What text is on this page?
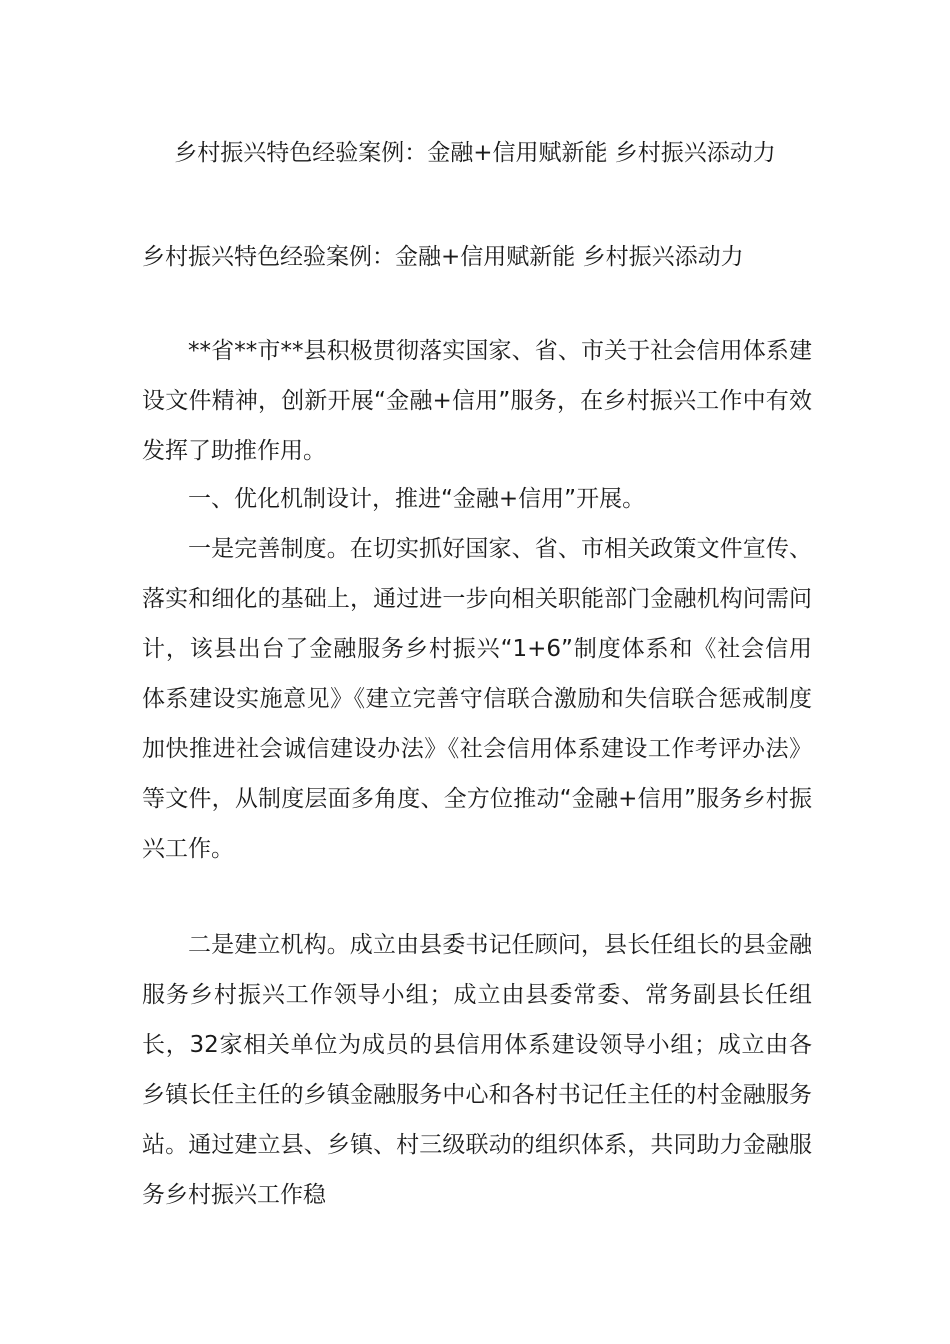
乡村振兴特色经验案例：金融+信用赋新能 乡村振兴添动力

乡村振兴特色经验案例：金融+信用赋新能 乡村振兴添动力

**省**市**县积极贯彻落实国家、省、市关于社会信用体系建设文件精神，创新开展“金融+信用”服务，在乡村振兴工作中有效发挥了助推作用。

一、优化机制设计，推进“金融+信用”开展。

一是完善制度。在切实抓好国家、省、市相关政策文件宣传、落实和细化的基础上，通过进一步向相关职能部门金融机构问需问计，该县出台了金融服务乡村振兴“1+6”制度体系和《社会信用体系建设实施意见》《建立完善守信联合激励和失信联合惩戒制度加快推进社会诚信建设办法》《社会信用体系建设工作考评办法》等文件，从制度层面多角度、全方位推动“金融+信用”服务乡村振兴工作。

二是建立机构。成立由县委书记任顾问，县长任组长的县金融服务乡村振兴工作领导小组；成立由县委常委、常务副县长任组长，32家相关单位为成员的县信用体系建设领导小组；成立由各乡镇长任主任的乡镇金融服务中心和各村书记任主任的村金融服务站。通过建立县、乡镇、村三级联动的组织体系，共同助力金融服务乡村振兴工作稳
